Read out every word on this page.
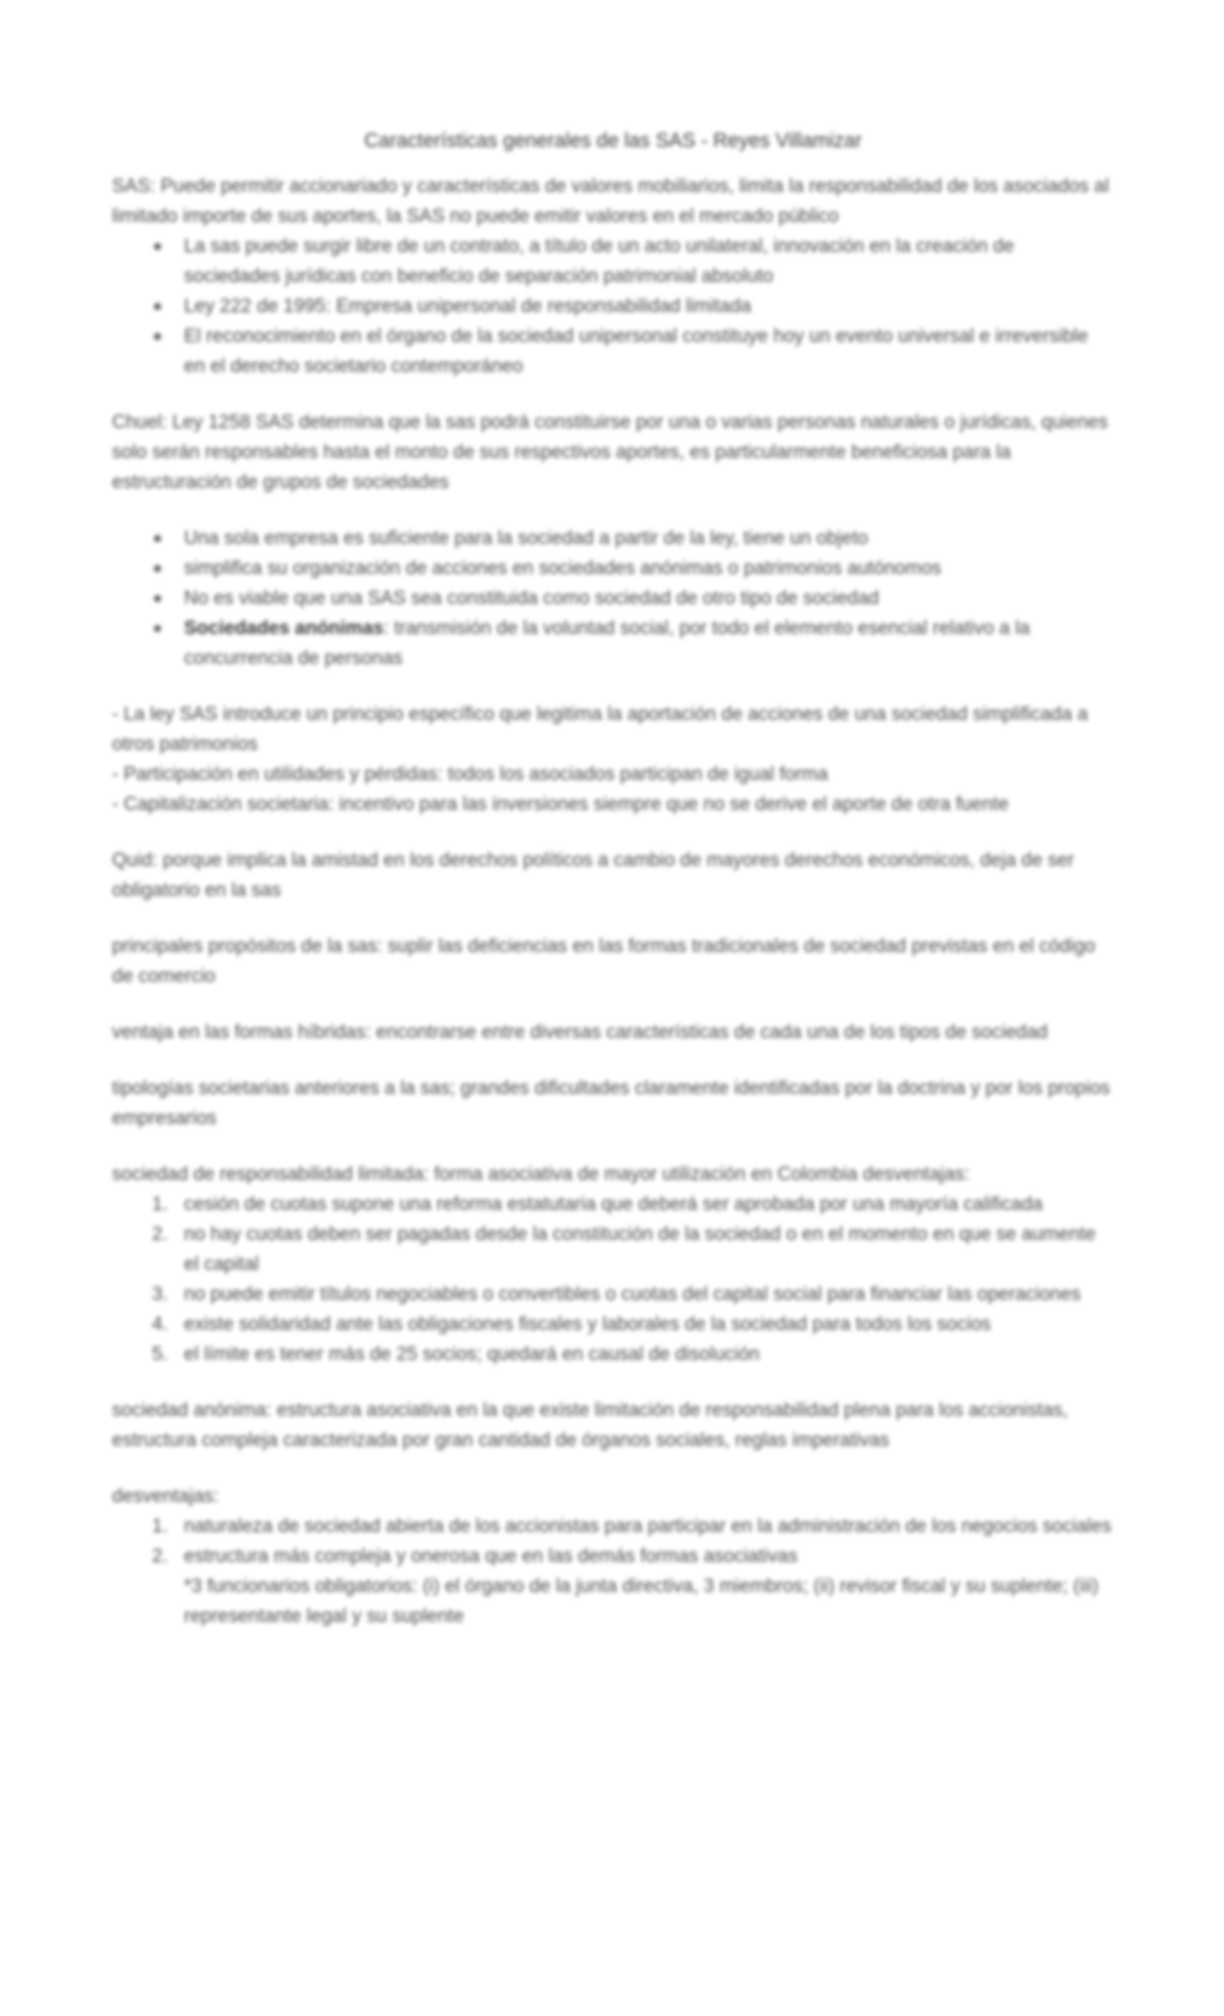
Características generales de las SAS - Reyes Villamizar

SAS: Puede permitir accionariado y características de valores mobiliarios, limita la responsabilidad de los asociados al limitado importe de sus aportes, la SAS no puede emitir valores en el mercado público

La sas puede surgir libre de un contrato, a título de un acto unilateral, innovación en la creación de sociedades jurídicas con beneficio de separación patrimonial absoluto
Ley 222 de 1995: Empresa unipersonal de responsabilidad limitada
El reconocimiento en el órgano de la sociedad unipersonal constituye hoy un evento universal e irreversible en el derecho societario contemporáneo

Chuel: Ley 1258 SAS determina que la sas podrá constituirse por una o varias personas naturales o jurídicas, quienes solo serán responsables hasta el monto de sus respectivos aportes, es particularmente beneficiosa para la estructuración de grupos de sociedades

Una sola empresa es suficiente para la sociedad a partir de la ley, tiene un objeto
simplifica su organización de acciones en sociedades anónimas o patrimonios autónomos
No es viable que una SAS sea constituida como sociedad de otro tipo de sociedad
Sociedades anónimas: transmisión de la voluntad social, por todo el elemento esencial relativo a la concurrencia de personas

- La ley SAS introduce un principio específico que legitima la aportación de acciones de una sociedad simplificada a otros patrimonios

- Participación en utilidades y pérdidas: todos los asociados participan de igual forma

- Capitalización societaria: incentivo para las inversiones siempre que no se derive el aporte de otra fuente

Quid: porque implica la amistad en los derechos políticos a cambio de mayores derechos económicos, deja de ser obligatorio en la sas

principales propósitos de la sas: suplir las deficiencias en las formas tradicionales de sociedad previstas en el código de comercio

ventaja en las formas híbridas: encontrarse entre diversas características de cada una de los tipos de sociedad

tipologías societarias anteriores a la sas; grandes dificultades claramente identificadas por la doctrina y por los propios empresarios

sociedad de responsabilidad limitada: forma asociativa de mayor utilización en Colombia desventajas:

1. cesión de cuotas supone una reforma estatutaria que deberá ser aprobada por una mayoría calificada
2. no hay cuotas deben ser pagadas desde la constitución de la sociedad o en el momento en que se aumente el capital
3. no puede emitir títulos negociables o convertibles o cuotas del capital social para financiar las operaciones
4. existe solidaridad ante las obligaciones fiscales y laborales de la sociedad para todos los socios
5. el límite es tener más de 25 socios; quedará en causal de disolución

sociedad anónima: estructura asociativa en la que existe limitación de responsabilidad plena para los accionistas, estructura compleja caracterizada por gran cantidad de órganos sociales, reglas imperativas

desventajas:

1. naturaleza de sociedad abierta de los accionistas para participar en la administración de los negocios sociales
2. estructura más compleja y onerosa que en las demás formas asociativas
*3 funcionarios obligatorios: (i) el órgano de la junta directiva, 3 miembros; (ii) revisor fiscal y su suplente; (iii) representante legal y su suplente
